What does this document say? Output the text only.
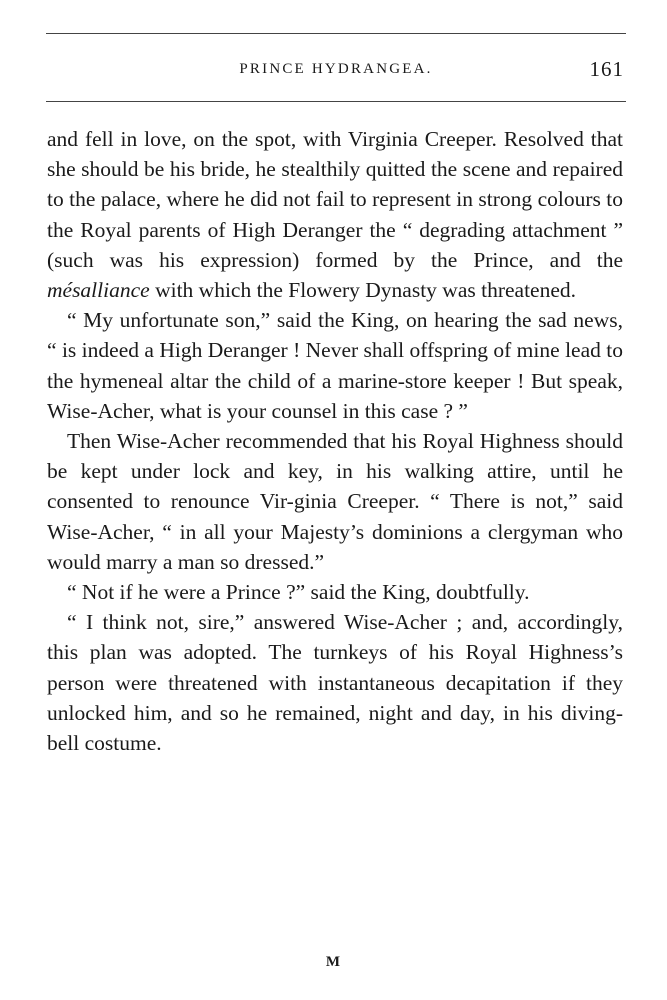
PRINCE HYDRANGEA.	161

and fell in love, on the spot, with Virginia Creeper. Resolved that she should be his bride, he stealthily quitted the scene and repaired to the palace, where he did not fail to represent in strong colours to the Royal parents of High Deranger the “ degrading attachment ” (such was his expression) formed by the Prince, and the mésalliance with which the Flowery Dynasty was threatened.

“ My unfortunate son,” said the King, on hearing the sad news, “ is indeed a High Deranger ! Never shall offspring of mine lead to the hymeneal altar the child of a marine-store keeper ! But speak, Wise-Acher, what is your counsel in this case ? ”

Then Wise-Acher recommended that his Royal Highness should be kept under lock and key, in his walking attire, until he consented to renounce Vir-ginia Creeper. “ There is not,” said Wise-Acher, “ in all your Majesty’s dominions a clergyman who would marry a man so dressed.”

“ Not if he were a Prince ?” said the King, doubtfully.

“ I think not, sire,” answered Wise-Acher ; and, accordingly, this plan was adopted. The turnkeys of his Royal Highness’s person were threatened with instantaneous decapitation if they unlocked him, and so he remained, night and day, in his diving-bell costume.

M
